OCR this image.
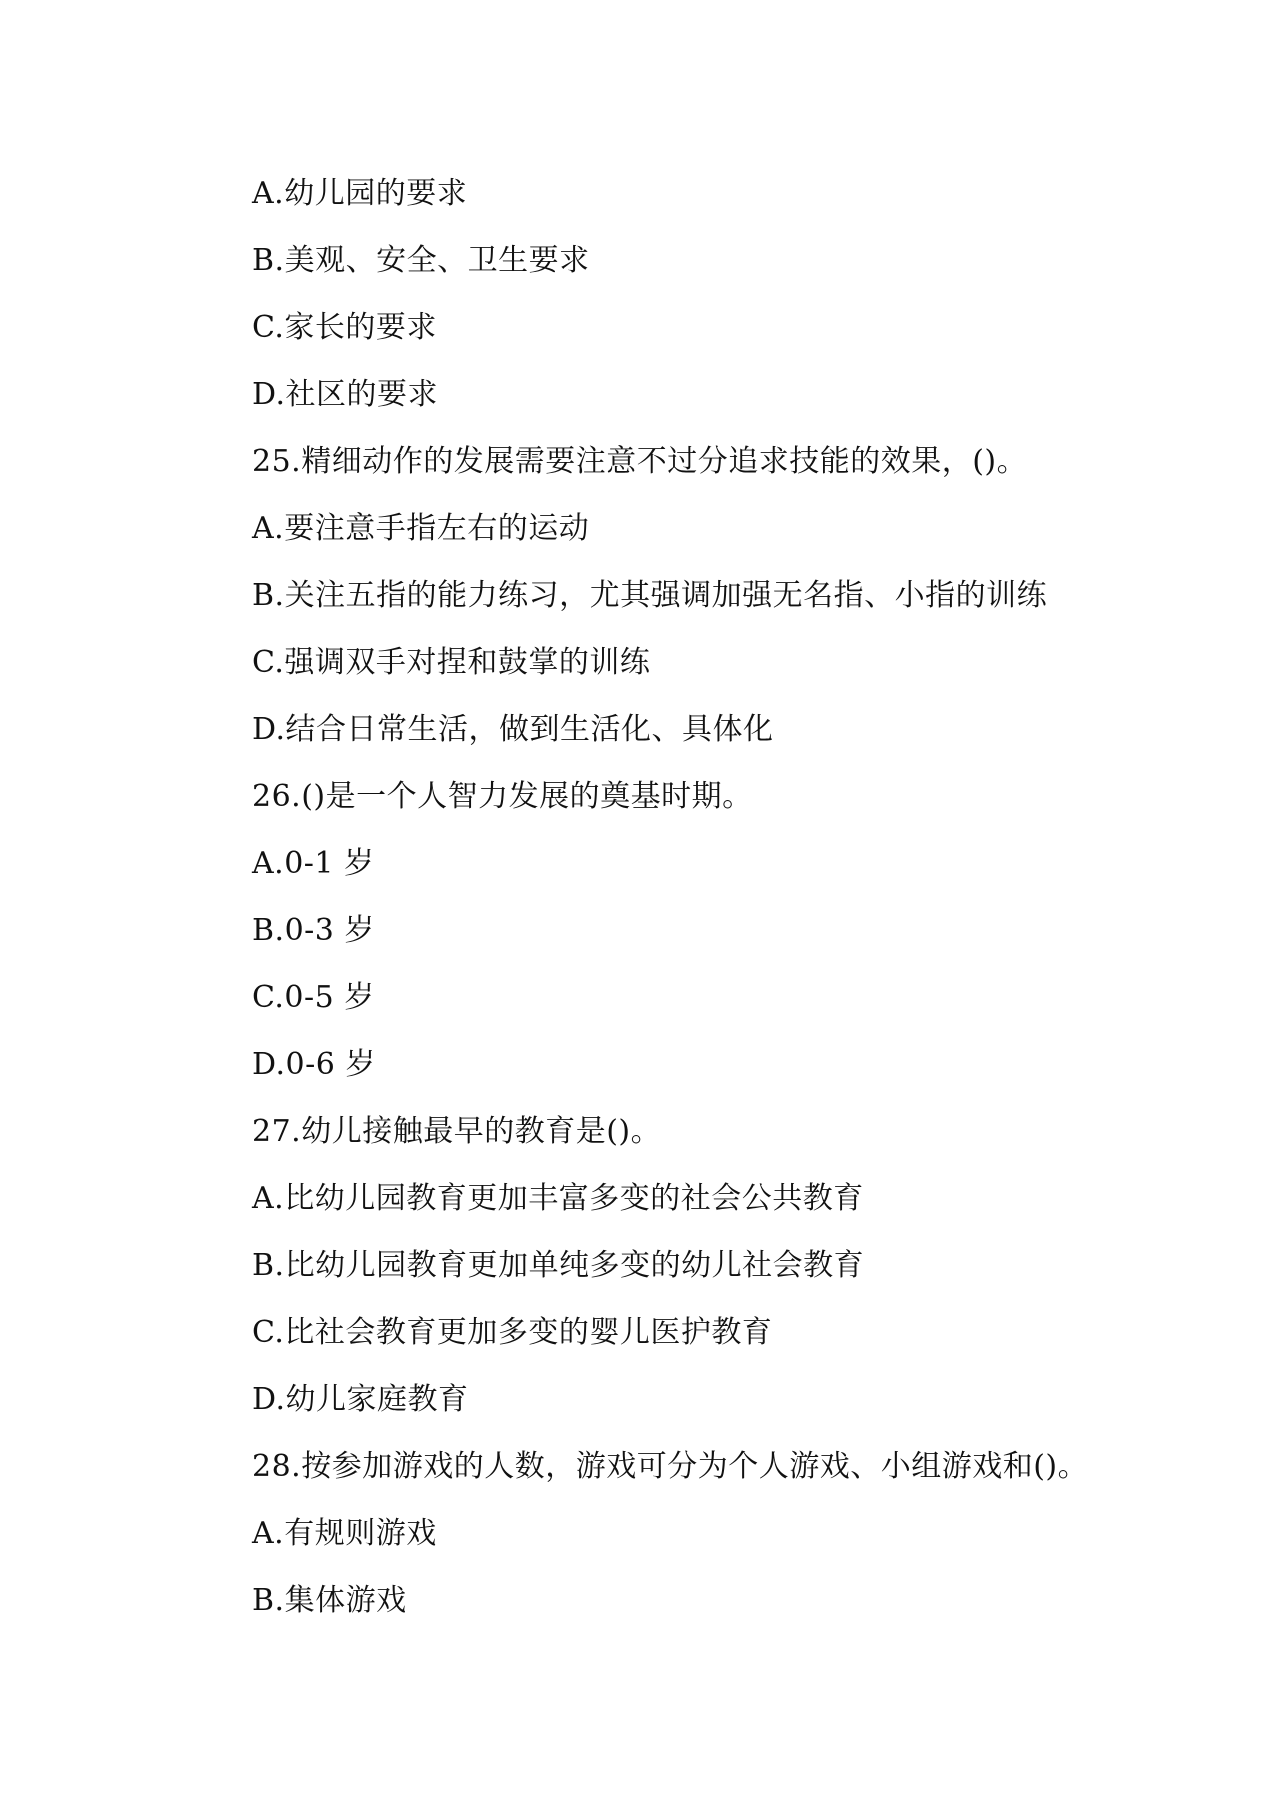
A.幼儿园的要求

B.美观、安全、卫生要求

C.家长的要求

D.社区的要求

25.精细动作的发展需要注意不过分追求技能的效果，()。

A.要注意手指左右的运动

B.关注五指的能力练习，尤其强调加强无名指、小指的训练

C.强调双手对捏和鼓掌的训练

D.结合日常生活，做到生活化、具体化

26.()是一个人智力发展的奠基时期。

A.0-1 岁

B.0-3 岁

C.0-5 岁

D.0-6 岁

27.幼儿接触最早的教育是()。

A.比幼儿园教育更加丰富多变的社会公共教育

B.比幼儿园教育更加单纯多变的幼儿社会教育

C.比社会教育更加多变的婴儿医护教育

D.幼儿家庭教育

28.按参加游戏的人数，游戏可分为个人游戏、小组游戏和()。

A.有规则游戏

B.集体游戏
